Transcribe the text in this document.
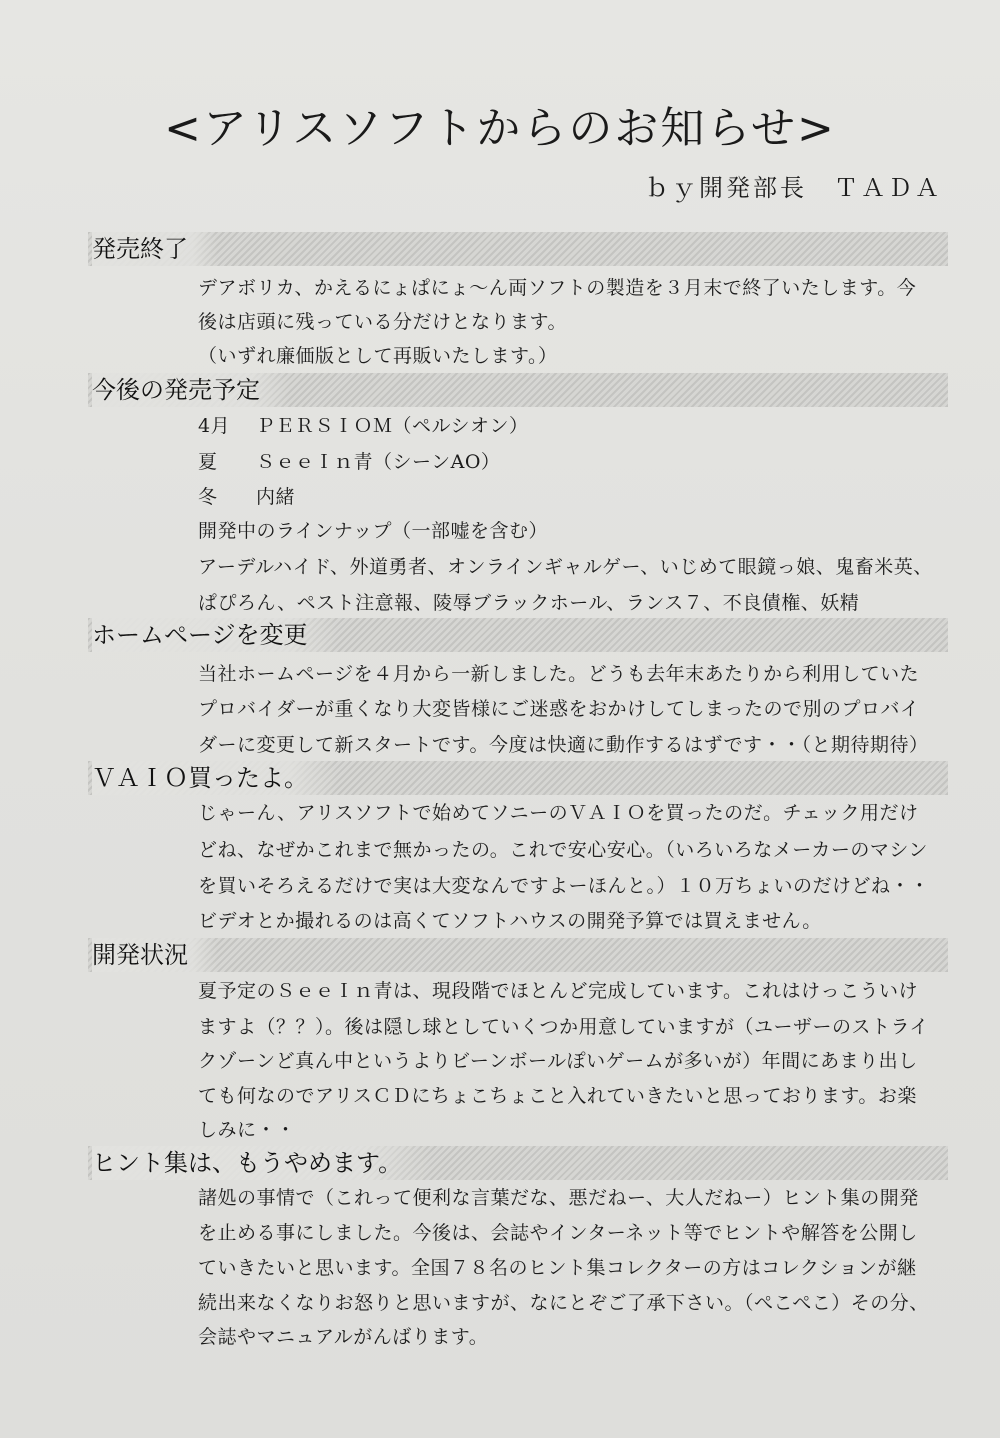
<アリスソフトからのお知らせ>
ｂｙ開発部長　ＴＡＤＡ
発売終了
デアボリカ、かえるにょぱにょ～ん両ソフトの製造を３月末で終了いたします。今
後は店頭に残っている分だけとなります。
（いずれ廉価版として再販いたします。）
今後の発売予定
4月 ＰＥＲＳＩＯＭ（ペルシオン）
夏 ＳｅｅＩｎ青（シーンAO）
冬 内緒
開発中のラインナップ（一部嘘を含む）
アーデルハイド、外道勇者、オンラインギャルゲー、いじめて眼鏡っ娘、鬼畜米英、
ぱぴろん、ペスト注意報、陵辱ブラックホール、ランス７、不良債権、妖精
ホームページを変更
当社ホームページを４月から一新しました。どうも去年末あたりから利用していた
プロバイダーが重くなり大変皆様にご迷惑をおかけしてしまったので別のプロバイ
ダーに変更して新スタートです。今度は快適に動作するはずです・・（と期待期待）
ＶＡＩＯ買ったよ。
じゃーん、アリスソフトで始めてソニーのＶＡＩＯを買ったのだ。チェック用だけ
どね、なぜかこれまで無かったの。これで安心安心。（いろいろなメーカーのマシン
を買いそろえるだけで実は大変なんですよーほんと。）１０万ちょいのだけどね・・
ビデオとか撮れるのは高くてソフトハウスの開発予算では買えません。
開発状況
夏予定のＳｅｅＩｎ青は、現段階でほとんど完成しています。これはけっこういけ
ますよ（？？）。後は隠し球としていくつか用意していますが（ユーザーのストライ
クゾーンど真ん中というよりビーンボールぽいゲームが多いが）年間にあまり出し
ても何なのでアリスＣＤにちょこちょこと入れていきたいと思っております。お楽
しみに・・
ヒント集は、もうやめます。
諸処の事情で（これって便利な言葉だな、悪だねー、大人だねー）ヒント集の開発
を止める事にしました。今後は、会誌やインターネット等でヒントや解答を公開し
ていきたいと思います。全国７８名のヒント集コレクターの方はコレクションが継
続出来なくなりお怒りと思いますが、なにとぞご了承下さい。（ぺこぺこ）その分、
会誌やマニュアルがんばります。
